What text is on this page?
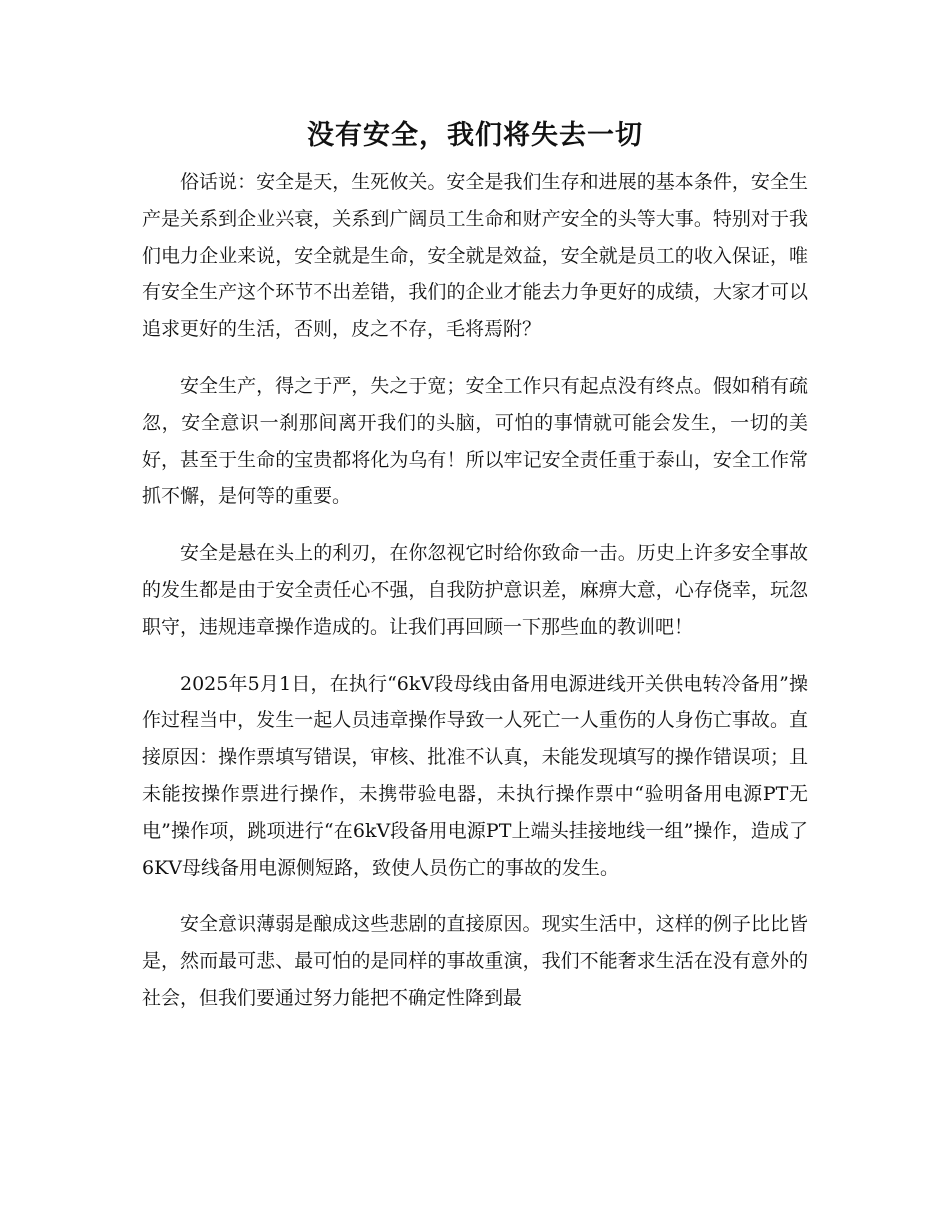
没有安全，我们将失去一切

俗话说：安全是天，生死攸关。安全是我们生存和进展的基本条件，安全生产是关系到企业兴衰，关系到广阔员工生命和财产安全的头等大事。特别对于我们电力企业来说，安全就是生命，安全就是效益，安全就是员工的收入保证，唯有安全生产这个环节不出差错，我们的企业才能去力争更好的成绩，大家才可以追求更好的生活，否则，皮之不存，毛将焉附？

安全生产，得之于严，失之于宽；安全工作只有起点没有终点。假如稍有疏忽，安全意识一刹那间离开我们的头脑，可怕的事情就可能会发生，一切的美好，甚至于生命的宝贵都将化为乌有！所以牢记安全责任重于泰山，安全工作常抓不懈，是何等的重要。

安全是悬在头上的利刃，在你忽视它时给你致命一击。历史上许多安全事故的发生都是由于安全责任心不强，自我防护意识差，麻痹大意，心存侥幸，玩忽职守，违规违章操作造成的。让我们再回顾一下那些血的教训吧！

2025年5月1日，在执行“6kV段母线由备用电源进线开关供电转冷备用”操作过程当中，发生一起人员违章操作导致一人死亡一人重伤的人身伤亡事故。直接原因：操作票填写错误，审核、批准不认真，未能发现填写的操作错误项；且未能按操作票进行操作，未携带验电器，未执行操作票中“验明备用电源PT无电”操作项，跳项进行“在6kV段备用电源PT上端头挂接地线一组”操作，造成了6KV母线备用电源侧短路，致使人员伤亡的事故的发生。

安全意识薄弱是酿成这些悲剧的直接原因。现实生活中，这样的例子比比皆是，然而最可悲、最可怕的是同样的事故重演，我们不能奢求生活在没有意外的社会，但我们要通过努力能把不确定性降到最
